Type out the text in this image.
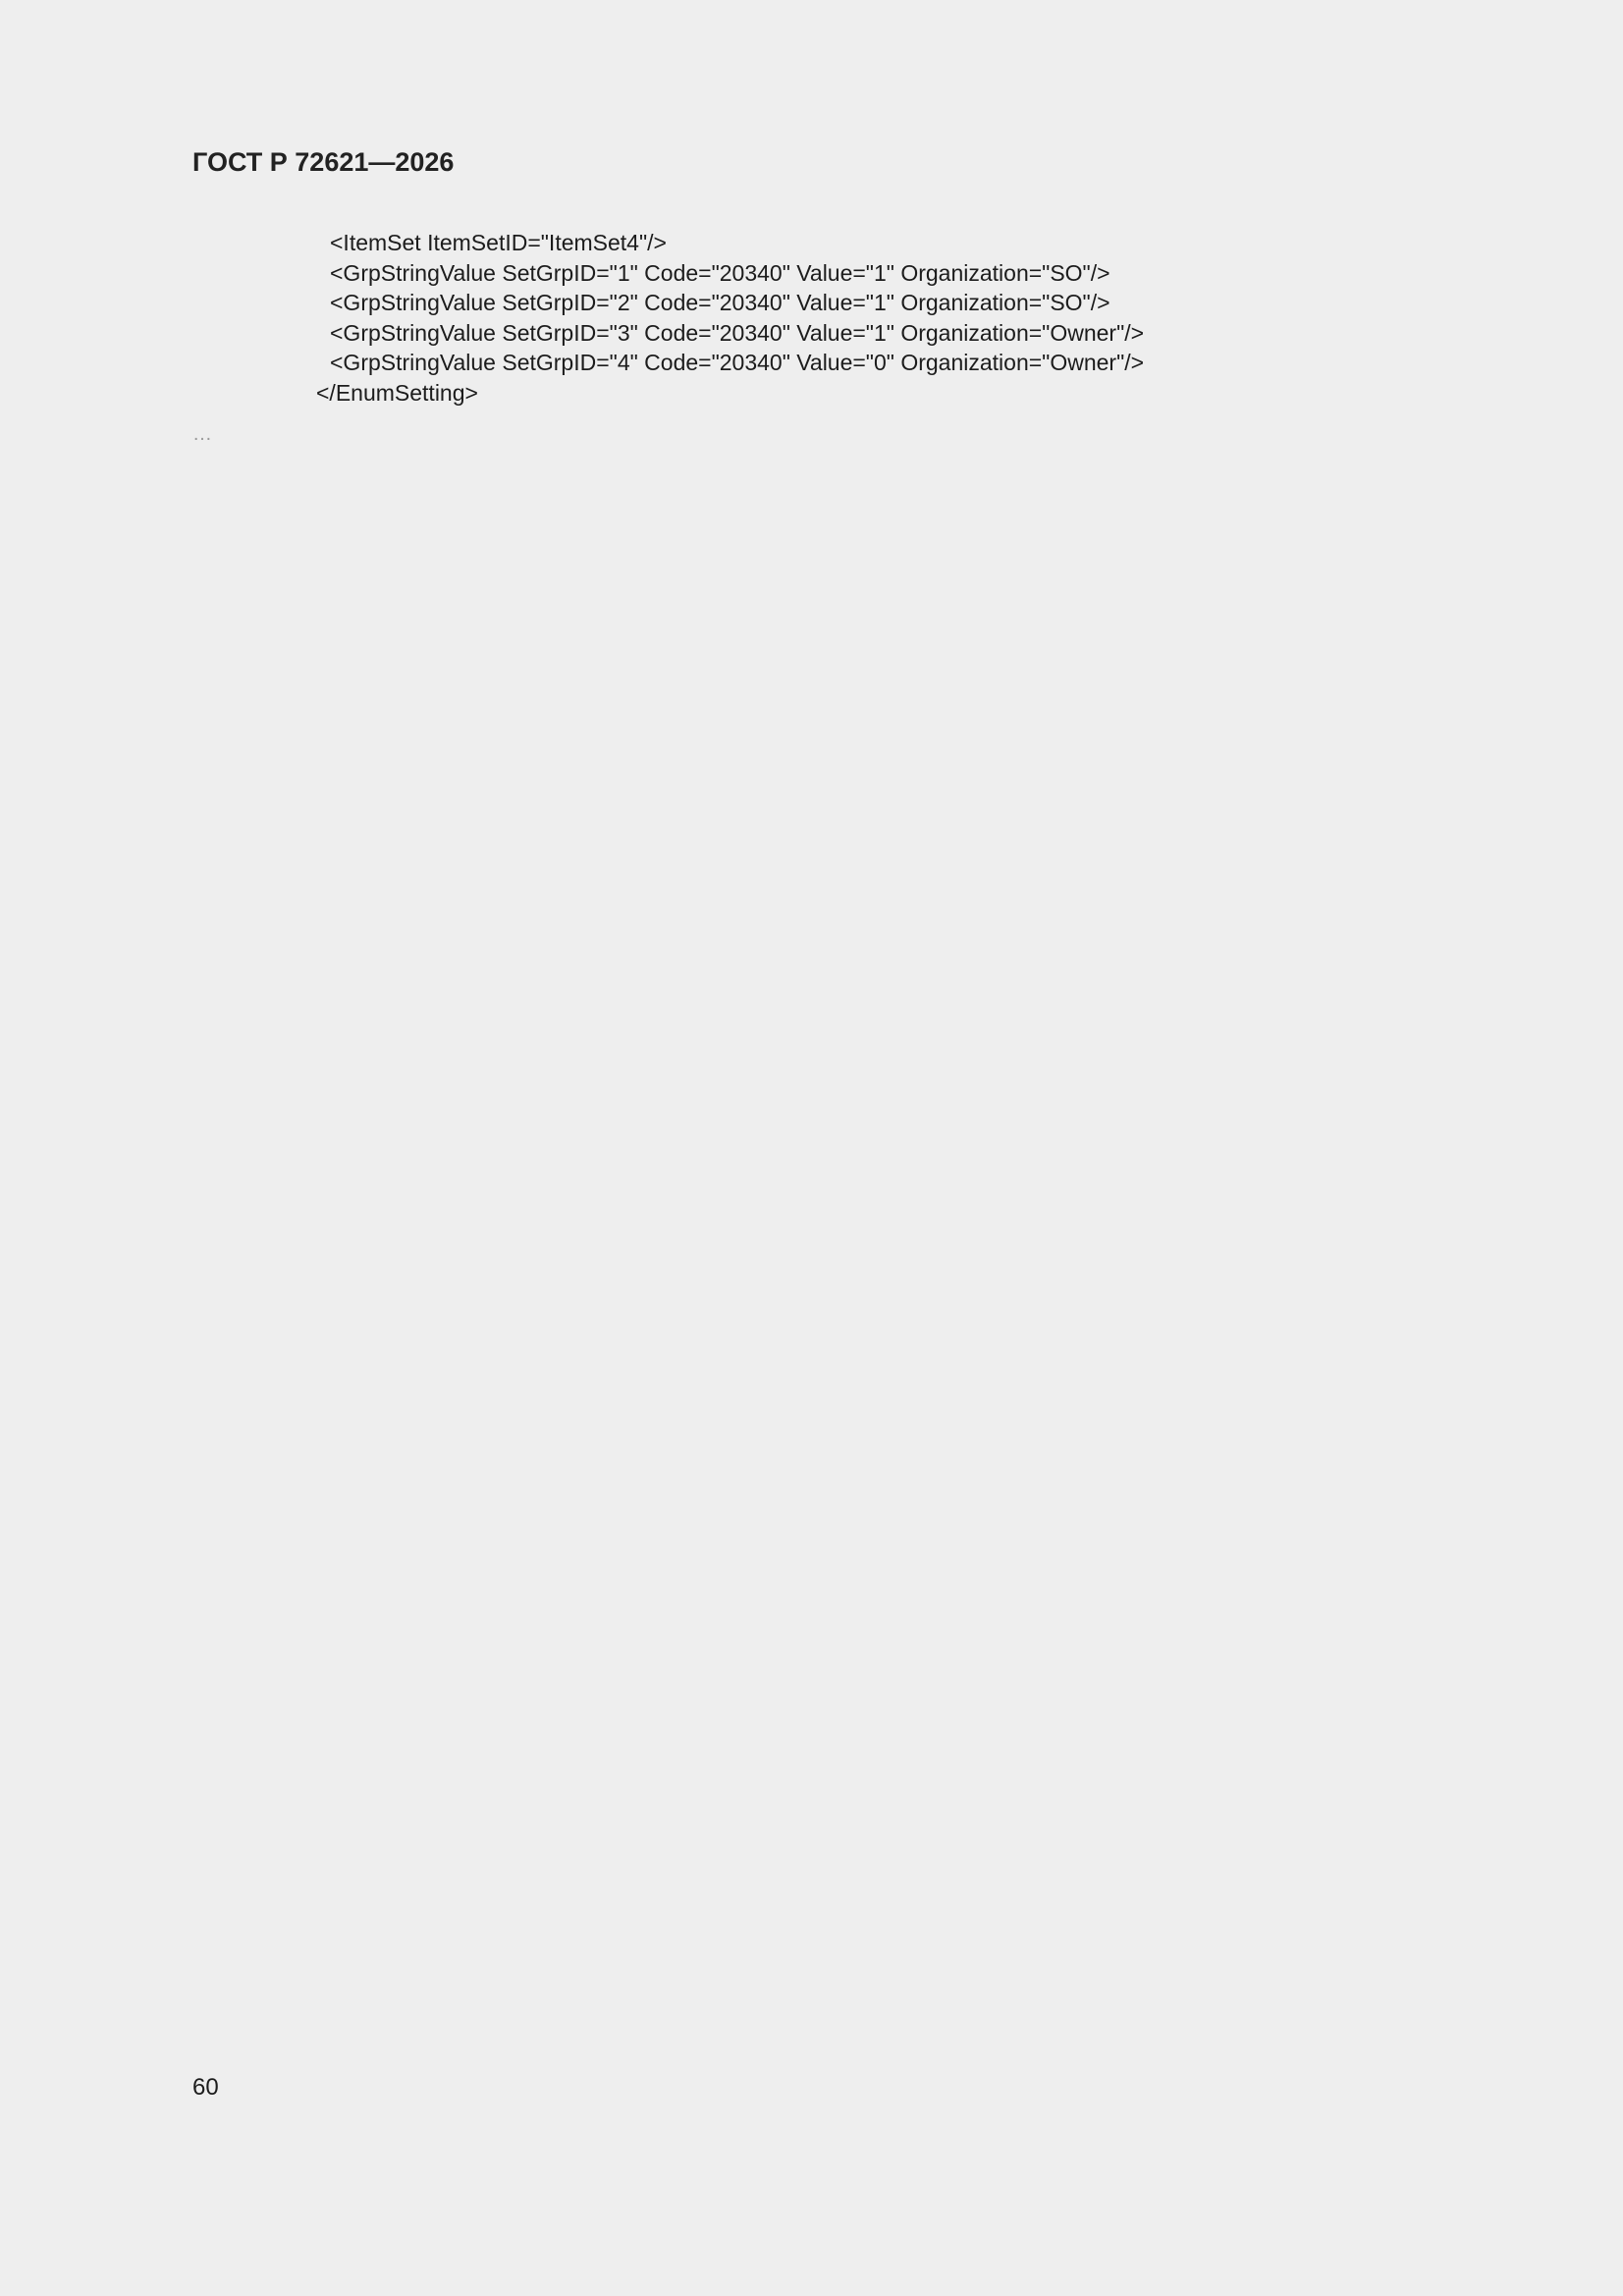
ГОСТ Р 72621—2026
<ItemSet ItemSetID="ItemSet4"/>
<GrpStringValue SetGrpID="1" Code="20340" Value="1" Organization="SO"/>
<GrpStringValue SetGrpID="2" Code="20340" Value="1" Organization="SO"/>
<GrpStringValue SetGrpID="3" Code="20340" Value="1" Organization="Owner"/>
<GrpStringValue SetGrpID="4" Code="20340" Value="0" Organization="Owner"/>
</EnumSetting>
…
60
